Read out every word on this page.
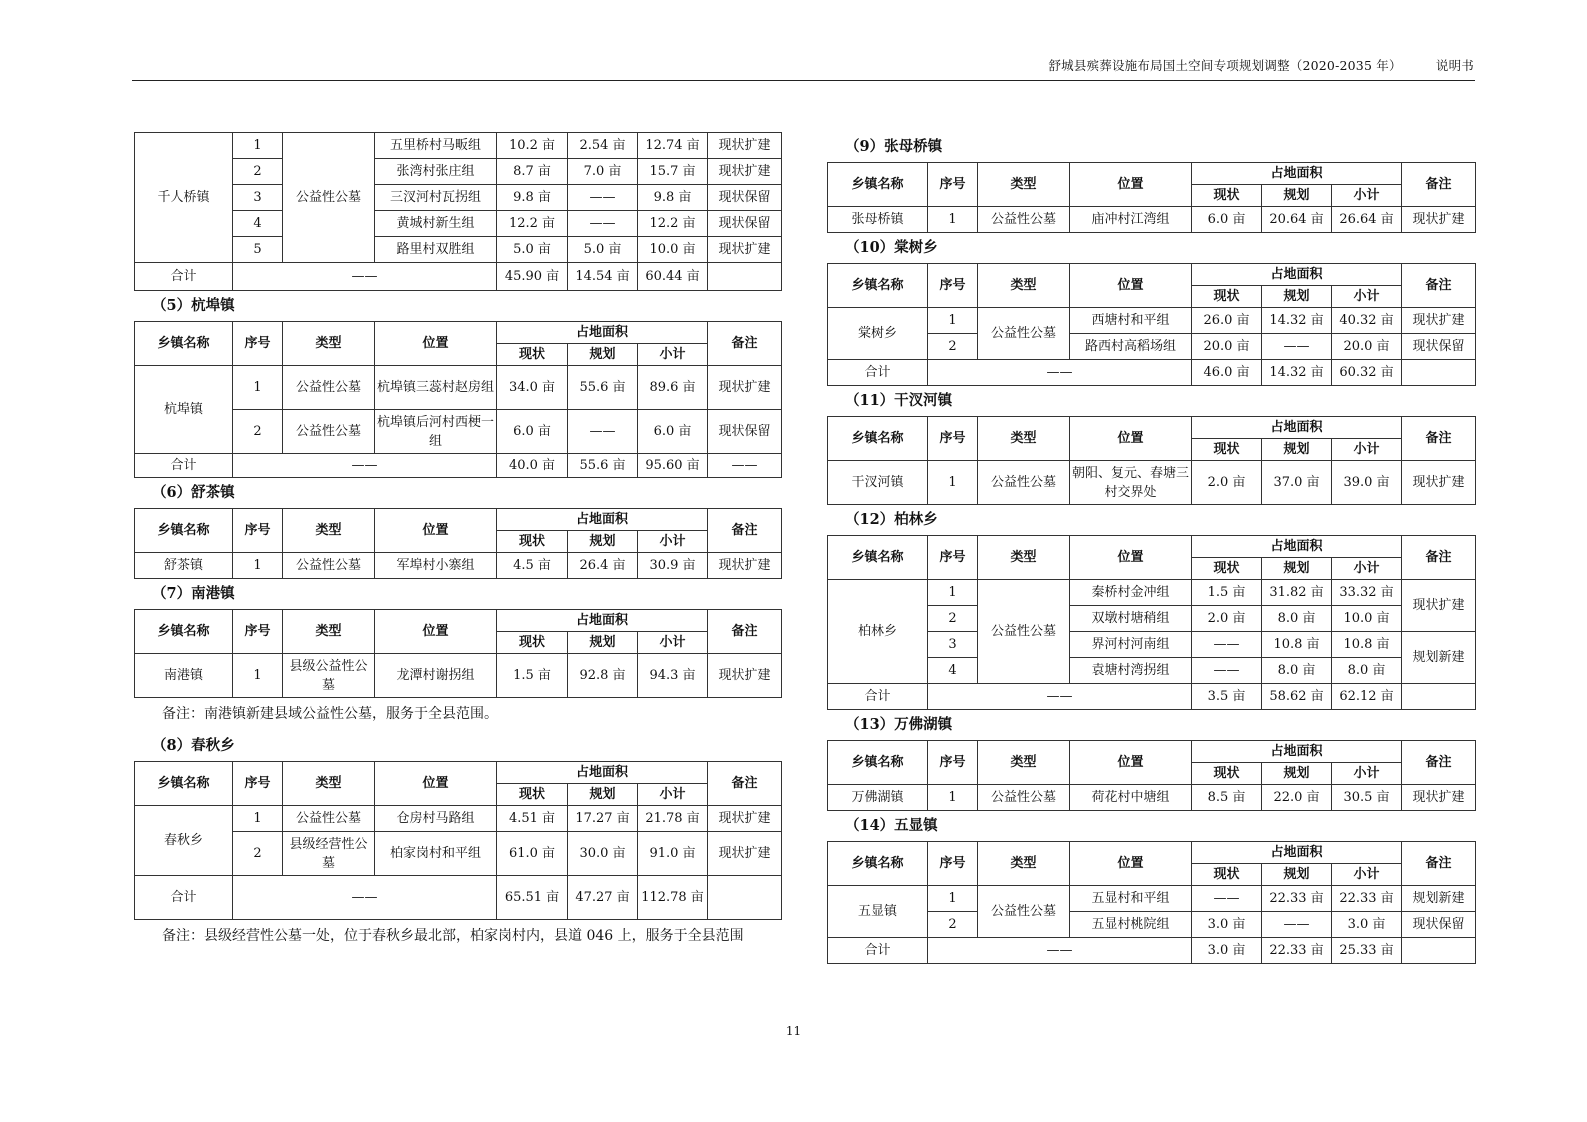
舒城县殡葬设施布局国土空间专项规划调整（2020-2035 年）	说明书
千人桥镇	1	公益性公墓	五里桥村马畈组	10.2 亩	2.54 亩	12.74 亩	现状扩建
	2		张湾村张庄组	8.7 亩	7.0 亩	15.7 亩	现状扩建
	3		三汊河村瓦拐组	9.8 亩	——	9.8 亩	现状保留
	4		黄城村新生组	12.2 亩	——	12.2 亩	现状保留
	5		路里村双胜组	5.0 亩	5.0 亩	10.0 亩	现状扩建
合计	——			45.90 亩	14.54 亩	60.44 亩	
（5）杭埠镇
乡镇名称	序号	类型	位置	占地面积			备注
				现状	规划	小计	
杭埠镇	1	公益性公墓	杭埠镇三蕊村赵房组	34.0 亩	55.6 亩	89.6 亩	现状扩建
	2	公益性公墓	杭埠镇后河村西梗一组	6.0 亩	——	6.0 亩	现状保留
合计	——			40.0 亩	55.6 亩	95.60 亩	——
（6）舒茶镇
乡镇名称	序号	类型	位置	占地面积			备注
				现状	规划	小计	
舒茶镇	1	公益性公墓	军埠村小寨组	4.5 亩	26.4 亩	30.9 亩	现状扩建
（7）南港镇
乡镇名称	序号	类型	位置	占地面积			备注
				现状	规划	小计	
南港镇	1	县级公益性公墓	龙潭村谢拐组	1.5 亩	92.8 亩	94.3 亩	现状扩建

备注：南港镇新建县域公益性公墓，服务于全县范围。

（8）春秋乡
乡镇名称	序号	类型	位置	占地面积			备注
				现状	规划	小计	
春秋乡	1	公益性公墓	仓房村马路组	4.51 亩	17.27 亩	21.78 亩	现状扩建
	2	县级经营性公墓	柏家岗村和平组	61.0 亩	30.0 亩	91.0 亩	现状扩建
合计	——			65.51 亩	47.27 亩	112.78 亩	

备注：县级经营性公墓一处，位于春秋乡最北部，柏家岗村内，县道 046 上，服务于全县范围

（9）张母桥镇
乡镇名称	序号	类型	位置	占地面积			备注
				现状	规划	小计	
张母桥镇	1	公益性公墓	庙冲村江湾组	6.0 亩	20.64 亩	26.64 亩	现状扩建
（10）棠树乡
乡镇名称	序号	类型	位置	占地面积			备注
				现状	规划	小计	
棠树乡	1	公益性公墓	西塘村和平组	26.0 亩	14.32 亩	40.32 亩	现状扩建
	2		路西村高稻场组	20.0 亩	——	20.0 亩	现状保留
合计	——			46.0 亩	14.32 亩	60.32 亩	
（11）干汊河镇
乡镇名称	序号	类型	位置	占地面积			备注
				现状	规划	小计	
干汊河镇	1	公益性公墓	朝阳、复元、春塘三村交界处	2.0 亩	37.0 亩	39.0 亩	现状扩建
（12）柏林乡
乡镇名称	序号	类型	位置	占地面积			备注
				现状	规划	小计	
柏林乡	1	公益性公墓	秦桥村金冲组	1.5 亩	31.82 亩	33.32 亩	现状扩建
	2		双墩村塘稍组	2.0 亩	8.0 亩	10.0 亩	
	3		界河村河南组	——	10.8 亩	10.8 亩	规划新建
	4		袁塘村湾拐组	——	8.0 亩	8.0 亩	
合计	——			3.5 亩	58.62 亩	62.12 亩	
（13）万佛湖镇
乡镇名称	序号	类型	位置	占地面积			备注
				现状	规划	小计	
万佛湖镇	1	公益性公墓	荷花村中塘组	8.5 亩	22.0 亩	30.5 亩	现状扩建
（14）五显镇
乡镇名称	序号	类型	位置	占地面积			备注
				现状	规划	小计	
五显镇	1	公益性公墓	五显村和平组	——	22.33 亩	22.33 亩	规划新建
	2		五显村桃院组	3.0 亩	——	3.0 亩	现状保留
合计	——			3.0 亩	22.33 亩	25.33 亩	
11
